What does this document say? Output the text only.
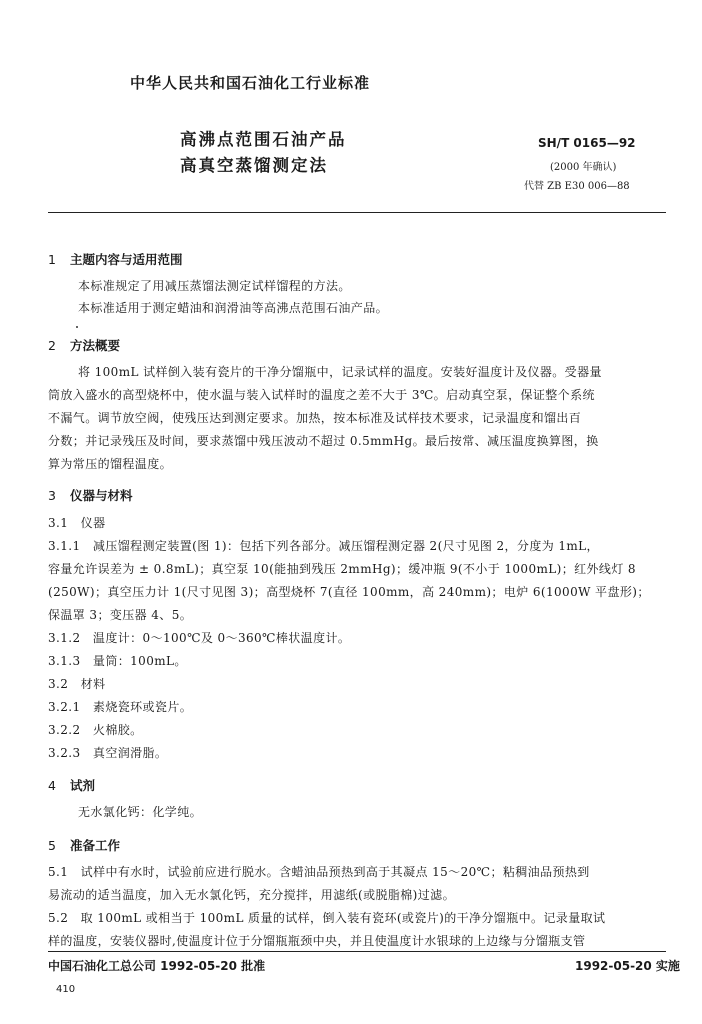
中华人民共和国石油化工行业标准
高沸点范围石油产品
高真空蒸馏测定法
SH/T 0165—92
(2000 年确认)
代替 ZB E30 006—88
1 主题内容与适用范围
本标准规定了用减压蒸馏法测定试样馏程的方法。
本标准适用于测定蜡油和润滑油等高沸点范围石油产品。
2 方法概要
将 100mL 试样倒入装有瓷片的干净分馏瓶中，记录试样的温度。安装好温度计及仪器。受器量
筒放入盛水的高型烧杯中，使水温与装入试样时的温度之差不大于 3℃。启动真空泵，保证整个系统
不漏气。调节放空阀，使残压达到测定要求。加热，按本标准及试样技术要求，记录温度和馏出百
分数；并记录残压及时间，要求蒸馏中残压波动不超过 0.5mmHg。最后按常、减压温度换算图，换
算为常压的馏程温度。
3 仪器与材料
3.1　仪器
3.1.1　减压馏程测定装置(图 1)：包括下列各部分。减压馏程测定器 2(尺寸见图 2，分度为 1mL，
容量允许误差为 ± 0.8mL)；真空泵 10(能抽到残压 2mmHg)；缓冲瓶 9(不小于 1000mL)；红外线灯 8
(250W)；真空压力计 1(尺寸见图 3)；高型烧杯 7(直径 100mm，高 240mm)；电炉 6(1000W 平盘形)；
保温罩 3；变压器 4、5。
3.1.2　温度计：0～100℃及 0～360℃棒状温度计。
3.1.3　量筒：100mL。
3.2　材料
3.2.1　素烧瓷环或瓷片。
3.2.2　火棉胶。
3.2.3　真空润滑脂。
4 试剂
无水氯化钙：化学纯。
5 准备工作
5.1　试样中有水时，试验前应进行脱水。含蜡油品预热到高于其凝点 15～20℃；粘稠油品预热到
易流动的适当温度，加入无水氯化钙，充分搅拌，用滤纸(或脱脂棉)过滤。
5.2　取 100mL 或相当于 100mL 质量的试样，倒入装有瓷环(或瓷片)的干净分馏瓶中。记录量取试
样的温度，安装仪器时,使温度计位于分馏瓶瓶颈中央，并且使温度计水银球的上边缘与分馏瓶支管
中国石油化工总公司 1992-05-20 批准	1992-05-20 实施
410
